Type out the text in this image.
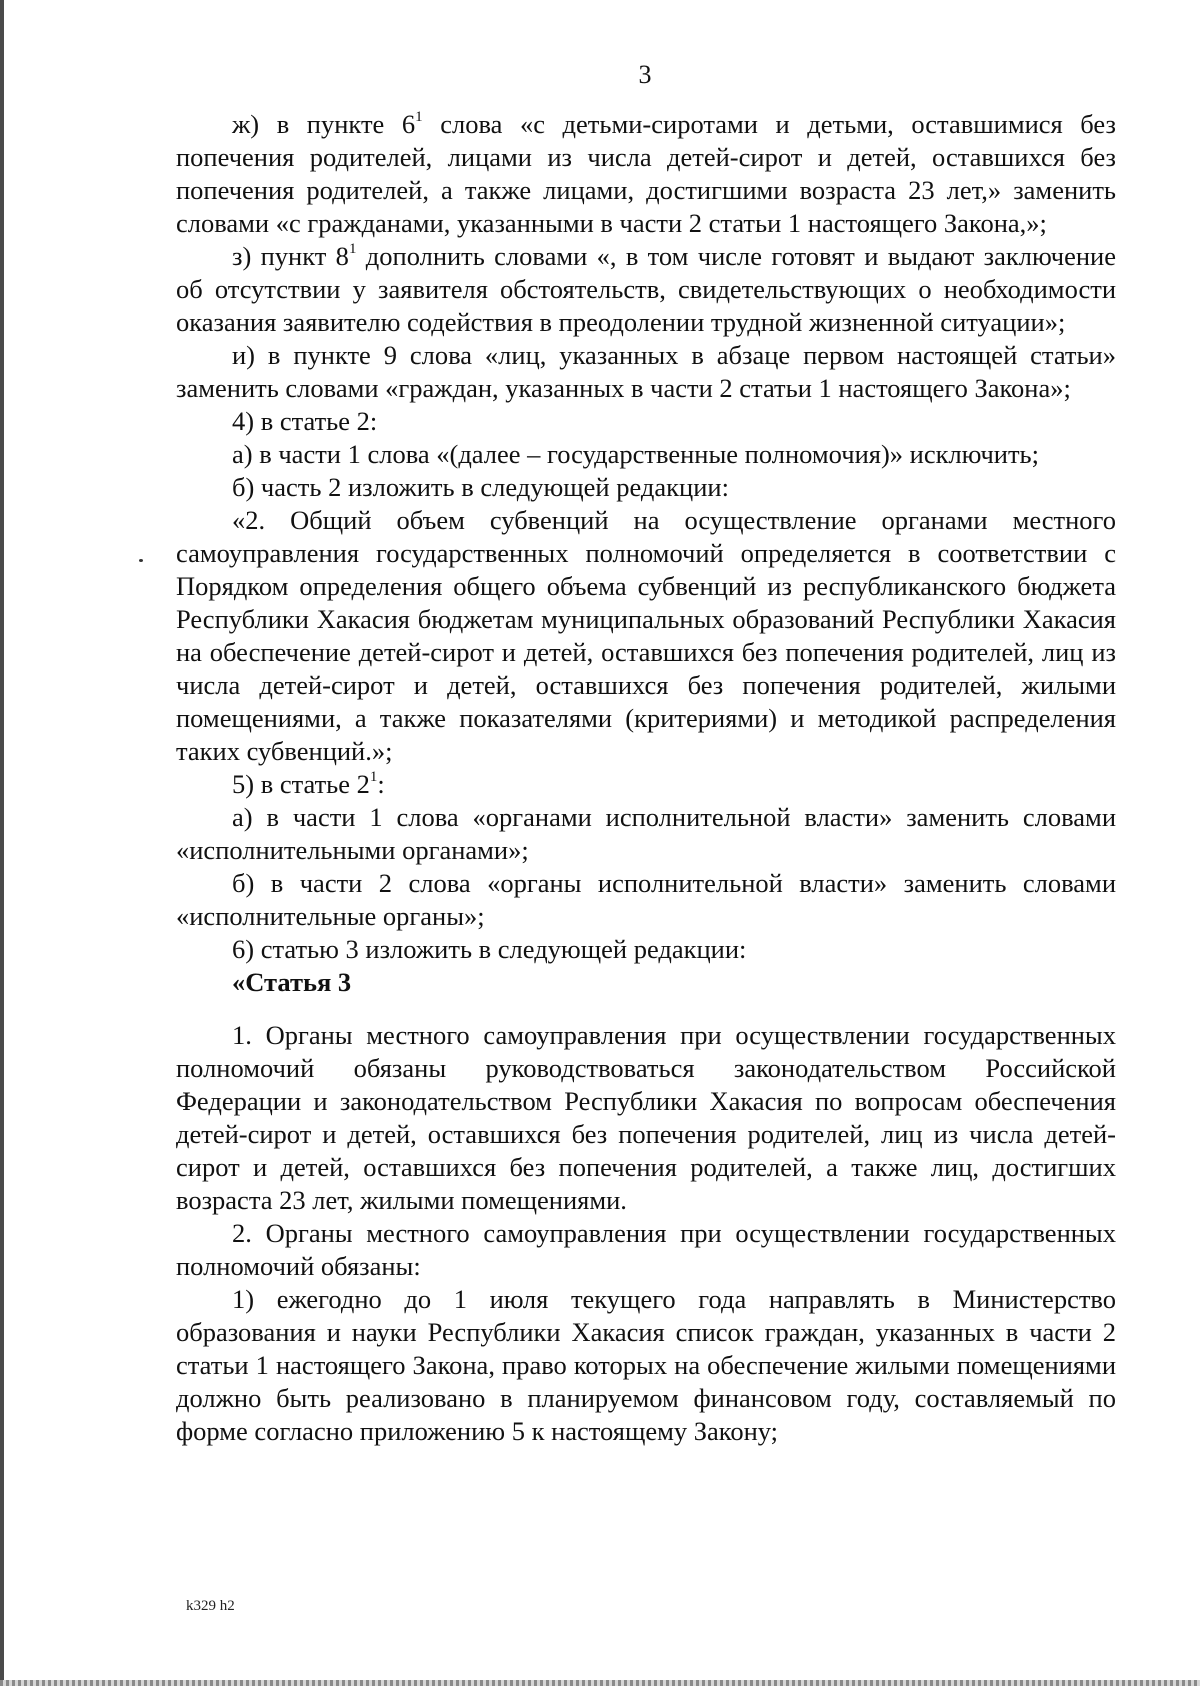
3

ж) в пункте $6^1$ слова «с детьми-сиротами и детьми, оставшимися без попечения родителей, лицами из числа детей-сирот и детей, оставшихся без попечения родителей, а также лицами, достигшими возраста 23 лет,» заменить словами «с гражданами, указанными в части 2 статьи 1 настоящего Закона,»;

з) пункт $8^1$ дополнить словами «, в том числе готовят и выдают заключение об отсутствии у заявителя обстоятельств, свидетельствующих о необходимости оказания заявителю содействия в преодолении трудной жизненной ситуации»;

и) в пункте 9 слова «лиц, указанных в абзаце первом настоящей статьи» заменить словами «граждан, указанных в части 2 статьи 1 настоящего Закона»;

4) в статье 2:

а) в части 1 слова «(далее – государственные полномочия)» исключить;

б) часть 2 изложить в следующей редакции:

«2. Общий объем субвенций на осуществление органами местного самоуправления государственных полномочий определяется в соответствии с Порядком определения общего объема субвенций из республиканского бюджета Республики Хакасия бюджетам муниципальных образований Республики Хакасия на обеспечение детей-сирот и детей, оставшихся без попечения родителей, лиц из числа детей-сирот и детей, оставшихся без попечения родителей, жилыми помещениями, а также показателями (критериями) и методикой распределения таких субвенций.»;

5) в статье $2^1$:

а) в части 1 слова «органами исполнительной власти» заменить словами «исполнительными органами»;

б) в части 2 слова «органы исполнительной власти» заменить словами «исполнительные органы»;

6) статью 3 изложить в следующей редакции:

«Статья 3

1. Органы местного самоуправления при осуществлении государственных полномочий обязаны руководствоваться законодательством Российской Федерации и законодательством Республики Хакасия по вопросам обеспечения детей-сирот и детей, оставшихся без попечения родителей, лиц из числа детей-сирот и детей, оставшихся без попечения родителей, а также лиц, достигших возраста 23 лет, жилыми помещениями.

2. Органы местного самоуправления при осуществлении государственных полномочий обязаны:

1) ежегодно до 1 июля текущего года направлять в Министерство образования и науки Республики Хакасия список граждан, указанных в части 2 статьи 1 настоящего Закона, право которых на обеспечение жилыми помещениями должно быть реализовано в планируемом финансовом году, составляемый по форме согласно приложению 5 к настоящему Закону;

k329 h2
